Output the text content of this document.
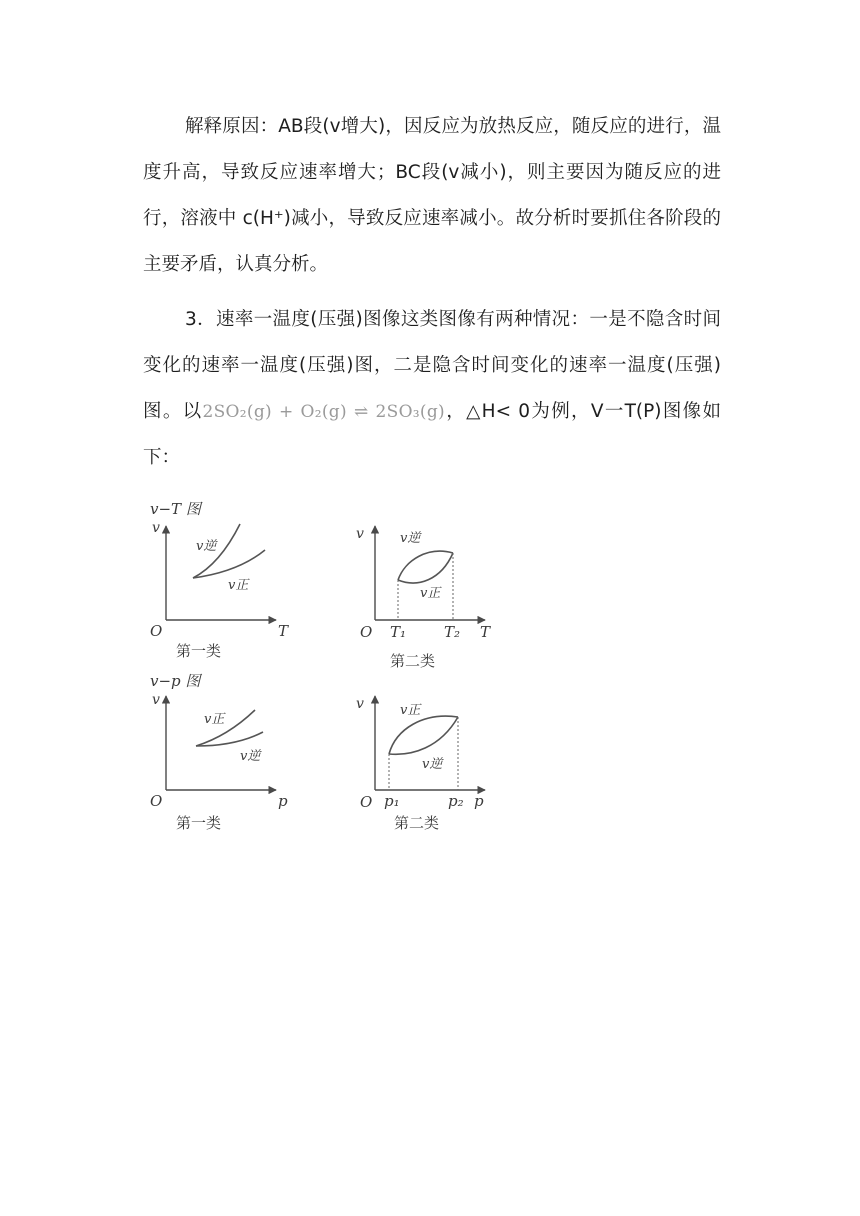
解释原因：AB段(v增大)，因反应为放热反应，随反应的进行，温度升高，导致反应速率增大；BC段(v减小)，则主要因为随反应的进行，溶液中 c(H⁺)减小，导致反应速率减小。故分析时要抓住各阶段的主要矛盾，认真分析。
3．速率一温度(压强)图像这类图像有两种情况：一是不隐含时间变化的速率一温度(压强)图，二是隐含时间变化的速率一温度(压强)图。以2SO₂(g) + O₂(g) ⇌ 2SO₃(g)，△H< 0为例，V一T(P)图像如下：
v−T 图
v
O	T
v逆
v正
第一类
v
O	T
v逆
v正
T₁	T₂
第二类
v−p 图
v
O	p
v正
v逆
第一类
v
O	p
v正
v逆
p₁	p₂
第二类
